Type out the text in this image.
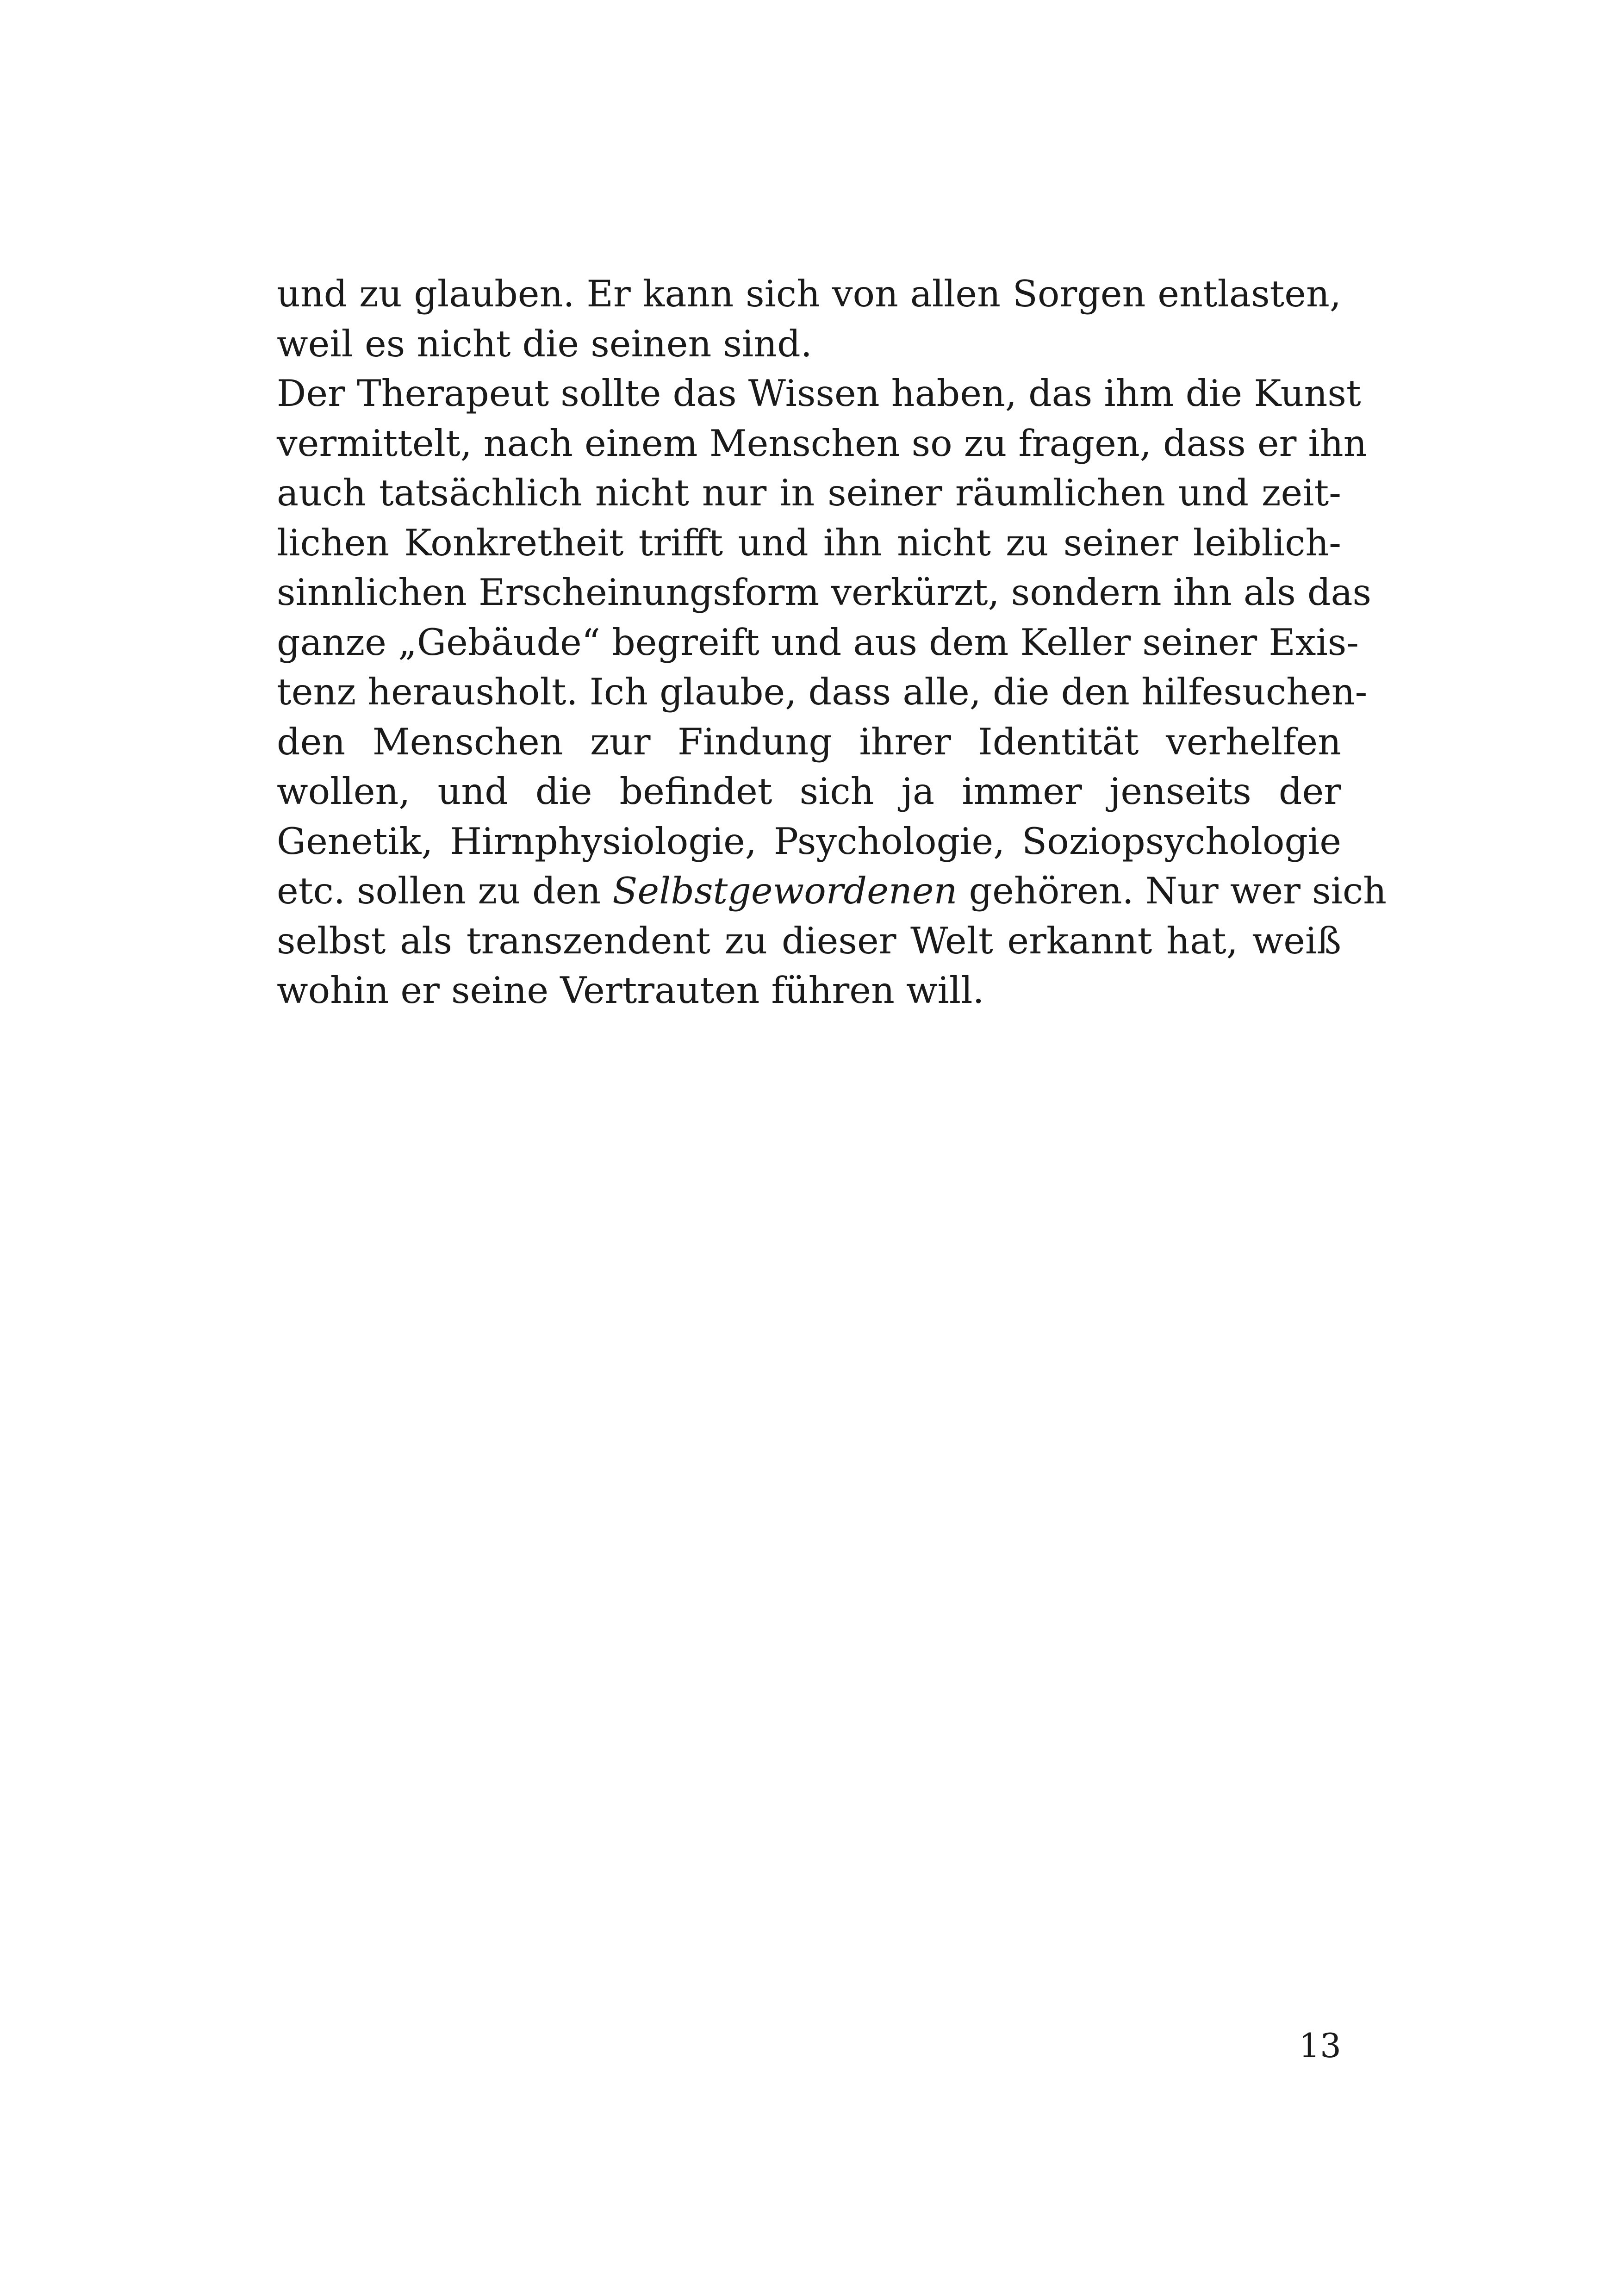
und zu glauben. Er kann sich von allen Sorgen entlasten,
weil es nicht die seinen sind.
Der Therapeut sollte das Wissen haben, das ihm die Kunst
vermittelt, nach einem Menschen so zu fragen, dass er ihn
auch tatsächlich nicht nur in seiner räumlichen und zeit-
lichen Konkretheit trifft und ihn nicht zu seiner leiblich-
sinnlichen Erscheinungsform verkürzt, sondern ihn als das
ganze „Gebäude“ begreift und aus dem Keller seiner Exis-
tenz herausholt. Ich glaube, dass alle, die den hilfesuchen-
den Menschen zur Findung ihrer Identität verhelfen
wollen, und die befindet sich ja immer jenseits der
Genetik, Hirnphysiologie, Psychologie, Soziopsychologie
etc. sollen zu den Selbstgewordenen gehören. Nur wer sich
selbst als transzendent zu dieser Welt erkannt hat, weiß
wohin er seine Vertrauten führen will.
13
